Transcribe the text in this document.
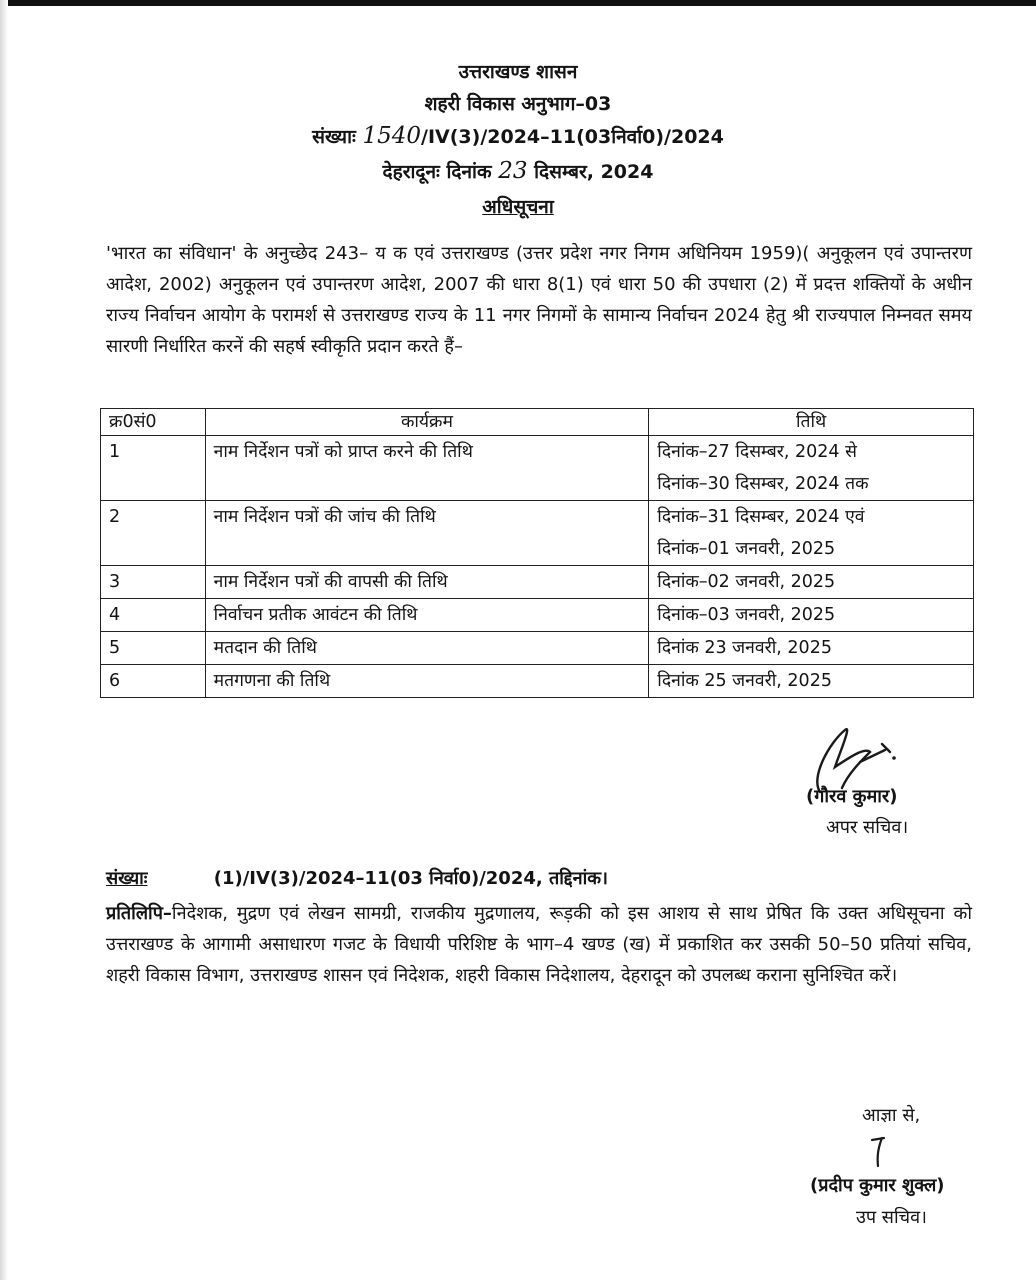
उत्तराखण्ड शासन
शहरी विकास अनुभाग–03
संख्याः 1540/IV(3)/2024–11(03निर्वा0)/2024
देहरादूनः दिनांक 23 दिसम्बर, 2024
अधिसूचना
'भारत का संविधान' के अनुच्छेद 243– य क एवं उत्तराखण्ड (उत्तर प्रदेश नगर निगम अधिनियम 1959)( अनुकूलन एवं उपान्तरण आदेश, 2002) अनुकूलन एवं उपान्तरण आदेश, 2007 की धारा 8(1) एवं धारा 50 की उपधारा (2) में प्रदत्त शक्तियों के अधीन राज्य निर्वाचन आयोग के परामर्श से उत्तराखण्ड राज्य के 11 नगर निगमों के सामान्य निर्वाचन 2024 हेतु श्री राज्यपाल निम्नवत समय सारणी निर्धारित करनें की सहर्ष स्वीकृति प्रदान करते हैं–
क्र0सं0	कार्यक्रम	तिथि

1	नाम निर्देशन पत्रों को प्राप्त करने की तिथि	दिनांक–27 दिसम्बर, 2024 से
दिनांक–30 दिसम्बर, 2024 तक

2	नाम निर्देशन पत्रों की जांच की तिथि	दिनांक–31 दिसम्बर, 2024 एवं
दिनांक–01 जनवरी, 2025

3	नाम निर्देशन पत्रों की वापसी की तिथि	दिनांक–02 जनवरी, 2025

4	निर्वाचन प्रतीक आवंटन की तिथि	दिनांक–03 जनवरी, 2025

5	मतदान की तिथि	दिनांक 23 जनवरी, 2025

6	मतगणना की तिथि	दिनांक 25 जनवरी, 2025
(गौरव कुमार)
अपर सचिव।
संख्याः	(1)/IV(3)/2024–11(03 निर्वा0)/2024, तद्दिनांक।
प्रतिलिपि–निदेशक, मुद्रण एवं लेखन सामग्री, राजकीय मुद्रणालय, रूड़की को इस आशय से साथ प्रेषित कि उक्त अधिसूचना को उत्तराखण्ड के आगामी असाधारण गजट के विधायी परिशिष्ट के भाग–4 खण्ड (ख) में प्रकाशित कर उसकी 50–50 प्रतियां सचिव, शहरी विकास विभाग, उत्तराखण्ड शासन एवं निदेशक, शहरी विकास निदेशालय, देहरादून को उपलब्ध कराना सुनिश्चित करें।
आज्ञा से,
(प्रदीप कुमार शुक्ल)
उप सचिव।
